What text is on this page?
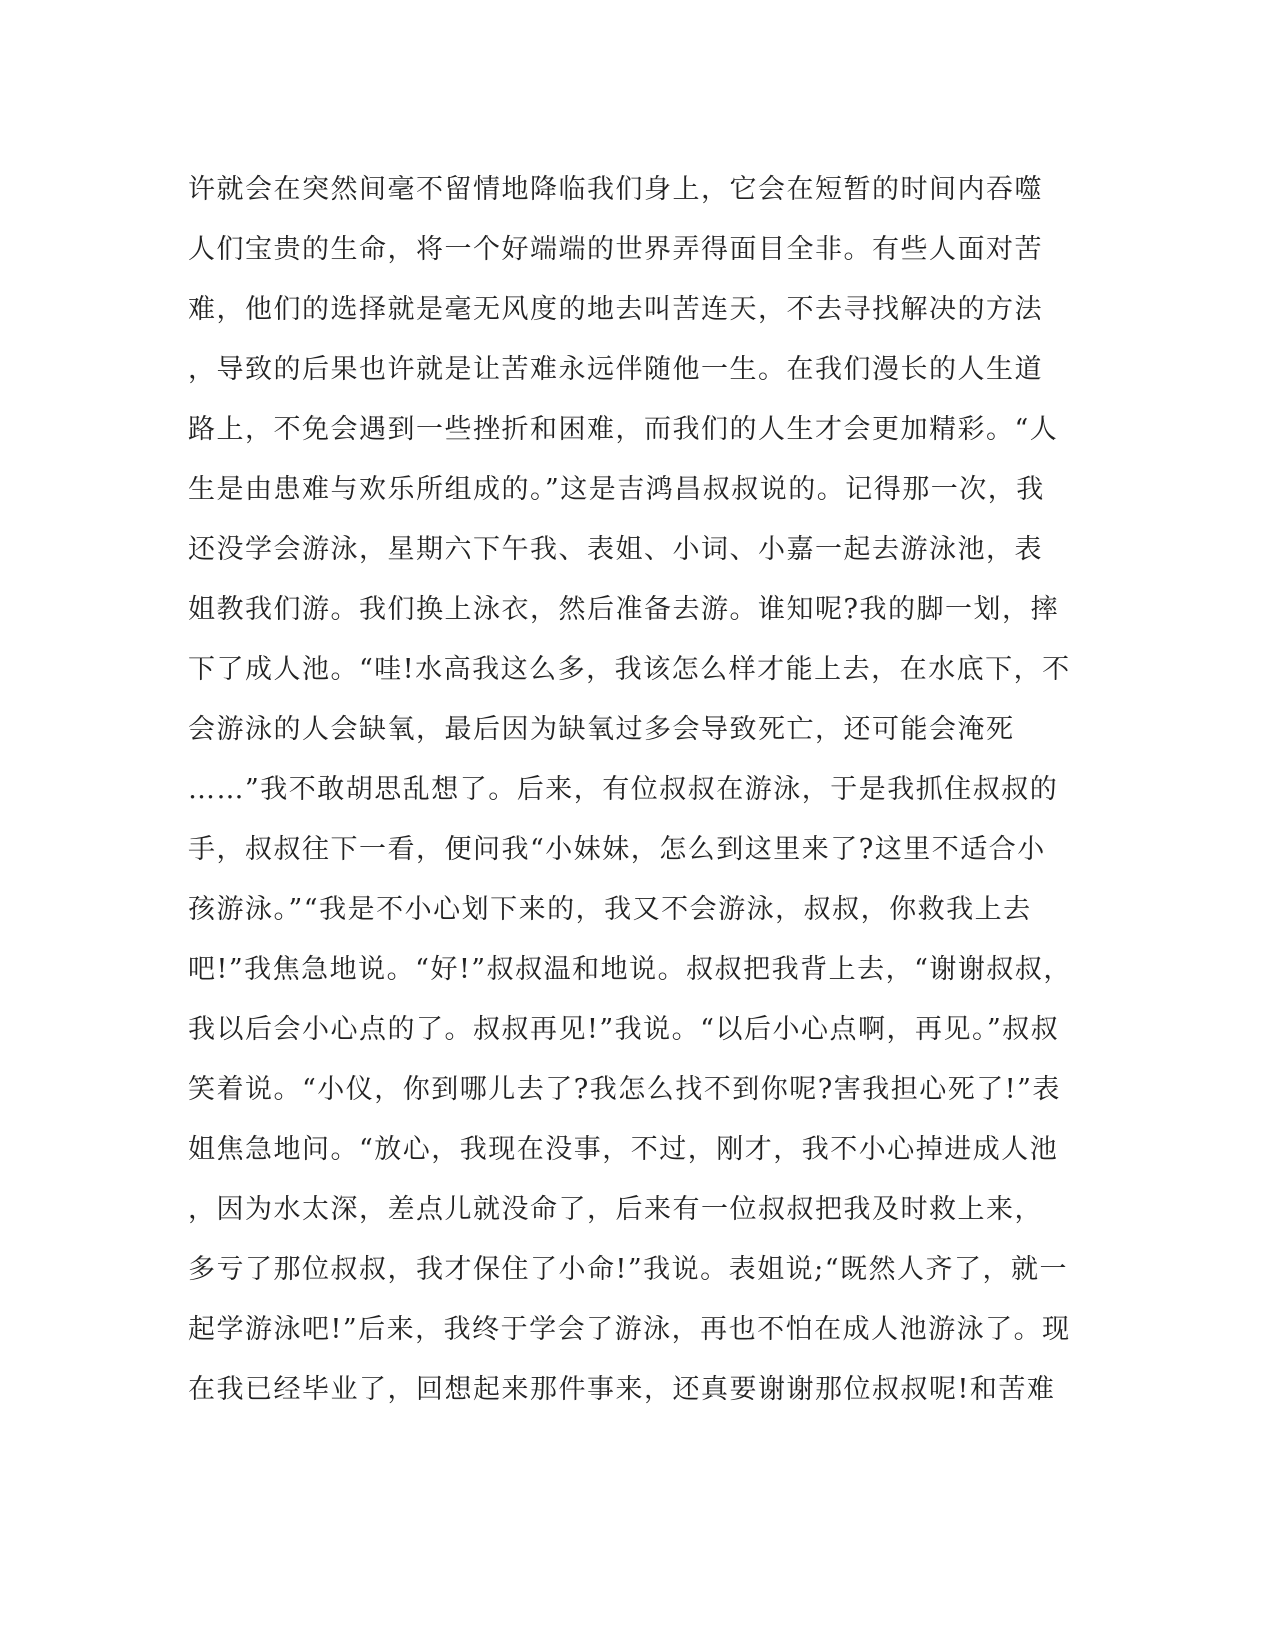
许就会在突然间毫不留情地降临我们身上，它会在短暂的时间内吞噬
人们宝贵的生命，将一个好端端的世界弄得面目全非。有些人面对苦
难，他们的选择就是毫无风度的地去叫苦连天，不去寻找解决的方法
，导致的后果也许就是让苦难永远伴随他一生。在我们漫长的人生道
路上，不免会遇到一些挫折和困难，而我们的人生才会更加精彩。“人
生是由患难与欢乐所组成的。”这是吉鸿昌叔叔说的。记得那一次，我
还没学会游泳，星期六下午我、表姐、小词、小嘉一起去游泳池，表
姐教我们游。我们换上泳衣，然后准备去游。谁知呢?我的脚一划，摔
下了成人池。“哇!水高我这么多，我该怎么样才能上去，在水底下，不
会游泳的人会缺氧，最后因为缺氧过多会导致死亡，还可能会淹死
……”我不敢胡思乱想了。后来，有位叔叔在游泳，于是我抓住叔叔的
手，叔叔往下一看，便问我“小妹妹，怎么到这里来了?这里不适合小
孩游泳。”“我是不小心划下来的，我又不会游泳，叔叔，你救我上去
吧!”我焦急地说。“好!”叔叔温和地说。叔叔把我背上去，“谢谢叔叔，
我以后会小心点的了。叔叔再见!”我说。“以后小心点啊，再见。”叔叔
笑着说。“小仪，你到哪儿去了?我怎么找不到你呢?害我担心死了!”表
姐焦急地问。“放心，我现在没事，不过，刚才，我不小心掉进成人池
，因为水太深，差点儿就没命了，后来有一位叔叔把我及时救上来，
多亏了那位叔叔，我才保住了小命!”我说。表姐说;“既然人齐了，就一
起学游泳吧!”后来，我终于学会了游泳，再也不怕在成人池游泳了。现
在我已经毕业了，回想起来那件事来，还真要谢谢那位叔叔呢!和苦难
